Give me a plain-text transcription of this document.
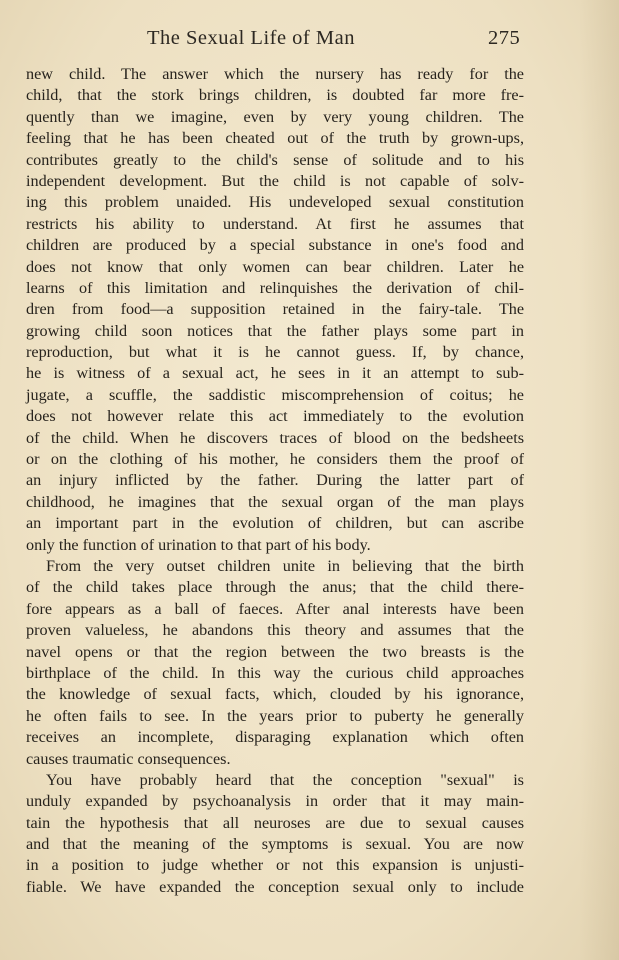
The Sexual Life of Man	275
new child. The answer which the nursery has ready for the
child, that the stork brings children, is doubted far more fre-
quently than we imagine, even by very young children. The
feeling that he has been cheated out of the truth by grown-ups,
contributes greatly to the child's sense of solitude and to his
independent development. But the child is not capable of solv-
ing this problem unaided. His undeveloped sexual constitution
restricts his ability to understand. At first he assumes that
children are produced by a special substance in one's food and
does not know that only women can bear children. Later he
learns of this limitation and relinquishes the derivation of chil-
dren from food—a supposition retained in the fairy-tale. The
growing child soon notices that the father plays some part in
reproduction, but what it is he cannot guess. If, by chance,
he is witness of a sexual act, he sees in it an attempt to sub-
jugate, a scuffle, the saddistic miscomprehension of coitus; he
does not however relate this act immediately to the evolution
of the child. When he discovers traces of blood on the bedsheets
or on the clothing of his mother, he considers them the proof of
an injury inflicted by the father. During the latter part of
childhood, he imagines that the sexual organ of the man plays
an important part in the evolution of children, but can ascribe
only the function of urination to that part of his body.
From the very outset children unite in believing that the birth
of the child takes place through the anus; that the child there-
fore appears as a ball of faeces. After anal interests have been
proven valueless, he abandons this theory and assumes that the
navel opens or that the region between the two breasts is the
birthplace of the child. In this way the curious child approaches
the knowledge of sexual facts, which, clouded by his ignorance,
he often fails to see. In the years prior to puberty he generally
receives an incomplete, disparaging explanation which often
causes traumatic consequences.
You have probably heard that the conception "sexual" is
unduly expanded by psychoanalysis in order that it may main-
tain the hypothesis that all neuroses are due to sexual causes
and that the meaning of the symptoms is sexual. You are now
in a position to judge whether or not this expansion is unjusti-
fiable. We have expanded the conception sexual only to include
